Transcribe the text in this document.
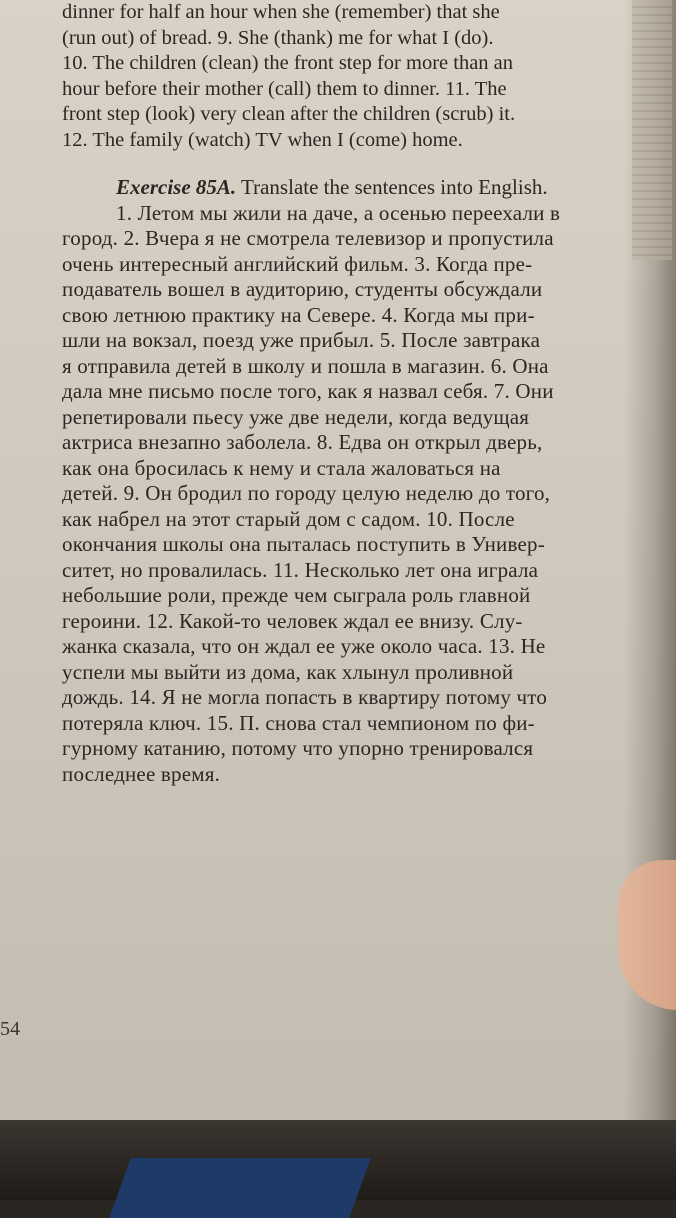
dinner for half an hour when she (remember) that she
(run out) of bread. 9. She (thank) me for what I (do).
10. The children (clean) the front step for more than an
hour before their mother (call) them to dinner. 11. The
front step (look) very clean after the children (scrub) it.
12. The family (watch) TV when I (come) home.
Exercise 85A. Translate the sentences into English.
1. Летом мы жили на даче, а осенью переехали в
город. 2. Вчера я не смотрела телевизор и пропустила
очень интересный английский фильм. 3. Когда пре-
подаватель вошел в аудиторию, студенты обсуждали
свою летнюю практику на Севере. 4. Когда мы при-
шли на вокзал, поезд уже прибыл. 5. После завтрака
я отправила детей в школу и пошла в магазин. 6. Она
дала мне письмо после того, как я назвал себя. 7. Они
репетировали пьесу уже две недели, когда ведущая
актриса внезапно заболела. 8. Едва он открыл дверь,
как она бросилась к нему и стала жаловаться на
детей. 9. Он бродил по городу целую неделю до того,
как набрел на этот старый дом с садом. 10. После
окончания школы она пыталась поступить в Универ-
ситет, но провалилась. 11. Несколько лет она играла
небольшие роли, прежде чем сыграла роль главной
героини. 12. Какой-то человек ждал ее внизу. Слу-
жанка сказала, что он ждал ее уже около часа. 13. Не
успели мы выйти из дома, как хлынул проливной
дождь. 14. Я не могла попасть в квартиру потому что
потеряла ключ. 15. П. снова стал чемпионом по фи-
гурному катанию, потому что упорно тренировался
последнее время.
54
